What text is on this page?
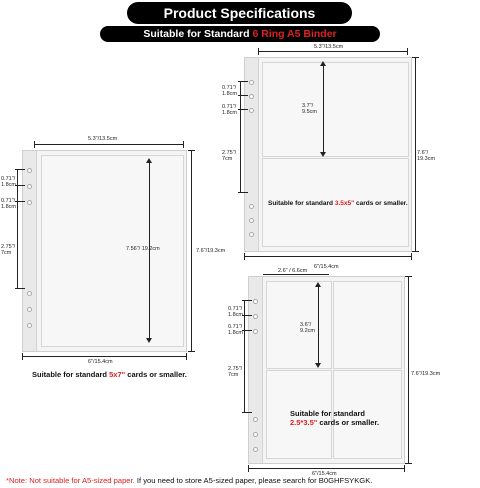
Product Specifications
Suitable for Standard 6 Ring A5 Binder
5.3"/13.5cm
6"/15.4cm
7.6"/19.3cm
7.56"/ 19.2cm
0.71"/ 1.8cm
0.71"/ 1.8cm
2.75"/ 7cm
Suitable for standard 5x7" cards or smaller.
5.3"/13.5cm
6"/15.4cm
7.6"/ 19.3cm
3.7"/ 9.5cm
0.71"/ 1.8cm
0.71"/ 1.8cm
2.75"/ 7cm
Suitable for standard 3.5x5" cards or smaller.
2.6" / 6.6cm
6"/15.4cm
7.6"/19.3cm
3.6"/ 9.2cm
0.71"/ 1.8cm
0.71"/ 1.8cm
2.75"/ 7cm
Suitable for standard
2.5*3.5" cards or smaller.
*Note: Not suitable for A5-sized paper. If you need to store A5-sized paper, please search for B0GHFSYKGK.
